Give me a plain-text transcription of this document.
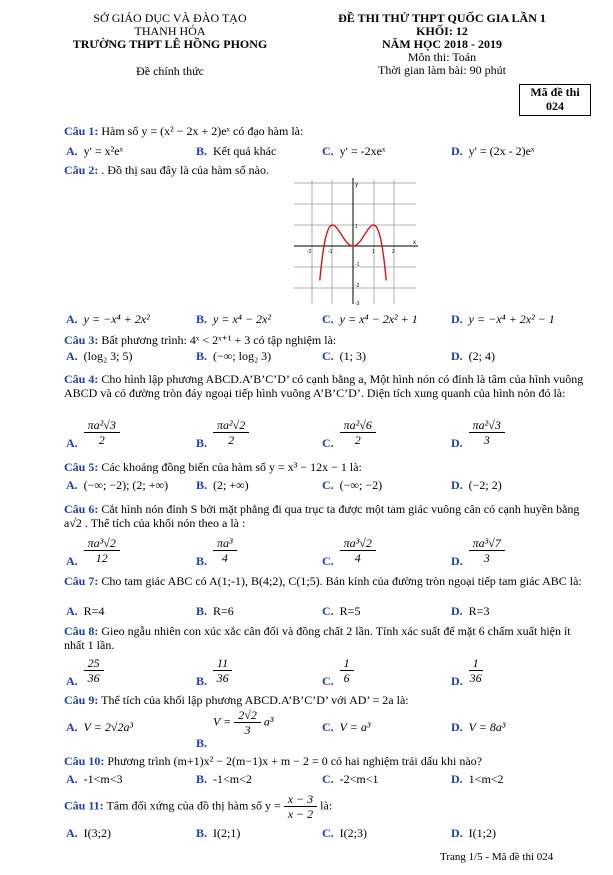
SỞ GIÁO DỤC VÀ ĐÀO TẠO
THANH HÓA
TRƯỜNG THPT LÊ HỒNG PHONG
Đề chính thức
ĐỀ THI THỬ THPT QUỐC GIA LẦN 1
KHỐI: 12
NĂM HỌC 2018 - 2019
Môn thi: Toán
Thời gian làm bài: 90 phút
Mã đề thi
024
Câu 1: Hàm số y = (x² − 2x + 2)eˣ có đạo hàm là:
A. y' = x²eˣ	B. Kết quả khác	C. y' = -2xeˣ	D. y' = (2x - 2)eˣ
Câu 2: . Đồ thị sau đây là của hàm số nào.
y
x
-2	-1	1	2
1
-1
-2
-3
A. y = −x⁴ + 2x²	B. y = x⁴ − 2x²	C. y = x⁴ − 2x² + 1	D. y = −x⁴ + 2x² − 1
Câu 3: Bất phương trình: 4ˣ < 2ˣ⁺¹ + 3 có tập nghiệm là:
A. (log₂ 3; 5)	B. (−∞; log₂ 3)	C. (1; 3)	D. (2; 4)
Câu 4: Cho hình lập phương ABCD.A’B’C’D’ có cạnh bằng a, Một hình nón có đỉnh là tâm của hình vuông ABCD và có đường tròn đáy ngoại tiếp hình vuông A’B’C’D’. Diện tích xung quanh của hình nón đó là:
A. $\frac{\text{πa²√3}}{2}$	B. $\frac{\text{πa²√2}}{2}$	C. $\frac{\text{πa²√6}}{2}$	D. $\frac{\text{πa²√3}}{3}$
Câu 5: Các khoảng đồng biến của hàm số y = x³ − 12x − 1 là:
A. (−∞; −2); (2; +∞) B. (2; +∞)	C. (−∞; −2)	D. (−2; 2)
Câu 6: Cắt hình nón đỉnh S bởi mặt phẳng đi qua trục ta được một tam giác vuông cân có cạnh huyền bằng a√2 . Thể tích của khối nón theo a là :
A. $\frac{\text{πa³√2}}{12}$	B. $\frac{\text{πa³}}{4}$	C. $\frac{\text{πa³√2}}{4}$	D. $\frac{\text{πa³√7}}{3}$
Câu 7: Cho tam giác ABC có A(1;-1), B(4;2), C(1;5). Bán kính của đường tròn ngoại tiếp tam giác ABC là:
A. R=4	B. R=6	C. R=5	D. R=3
Câu 8: Gieo ngẫu nhiên con xúc xắc cân đối và đồng chất 2 lần. Tính xác suất để mặt 6 chấm xuất hiện ít nhất 1 lần.
A. $\frac{25}{36}$	B. $\frac{11}{36}$	C. $\frac{1}{6}$	D. $\frac{1}{36}$
Câu 9: Thể tích của khối lập phương ABCD.A’B’C’D’ với AD’ = 2a là:
A. V = 2√2a³
$B.V = \frac{2√2}{3} a^3$	C. V = a³	D. V = 8a³
Câu 10: Phương trình (m+1)x² − 2(m−1)x + m − 2 = 0 có hai nghiệm trái dấu khi nào?
A. -1<m<3	B. -1<m<2	C. -2<m<1	D. 1<m<2
Câu 11: Tâm đối xứng của đồ thị hàm số $y = \frac{x - 3}{x - 2}$ là:
A. I(3;2)	B. I(2;1)	C. I(2;3)	D. I(1;2)
Trang 1/5 - Mã đề thi 024
